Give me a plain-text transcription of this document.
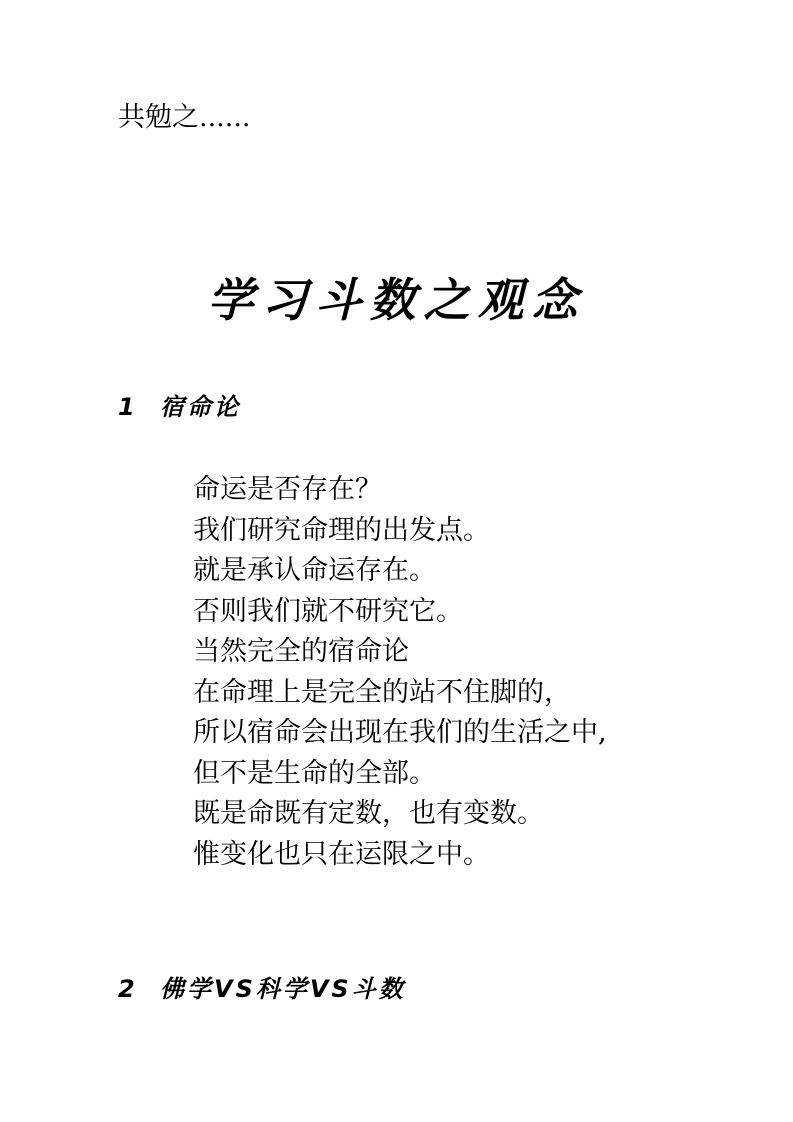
共勉之......
学习斗数之观念
1 宿命论
命运是否存在？
我们研究命理的出发点。
就是承认命运存在。
否则我们就不研究它。
当然完全的宿命论
在命理上是完全的站不住脚的，
所以宿命会出现在我们的生活之中,
但不是生命的全部。
既是命既有定数，也有变数。
惟变化也只在运限之中。
2 佛学VS科学VS斗数
